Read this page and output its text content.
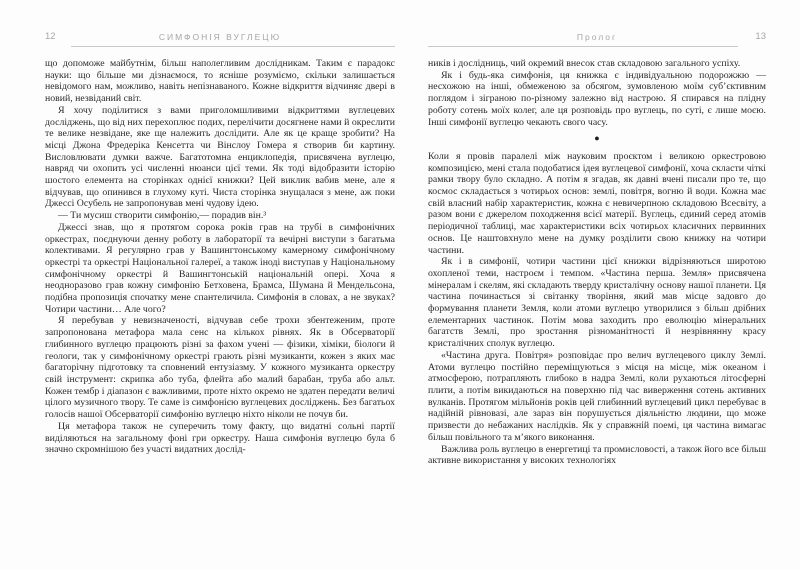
12	СИМФОНІЯ ВУГЛЕЦЮ

що допоможе майбутнім, більш наполегливим дослідникам. Таким є парадокс науки: що більше ми дізнаємося, то ясніше розуміємо, скільки залишається невідомого нам, можливо, навіть непізнаваного. Кожне відкриття відчиняє двері в новий, незвіданий світ.

Я хочу поділитися з вами приголомшливими відкриттями вуглецевих досліджень, що від них перехоплює подих, перелічити досягнене нами й окреслити те велике незвідане, яке ще належить дослідити. Але як це краще зробити? На місці Джона Фредеріка Кенсетта чи Вінслоу Гомера я створив би картину. Висловлювати думки важче. Багатотомна енциклопедія, присвячена вуглецю, навряд чи охопить усі численні нюанси цієї теми. Як тоді відобразити історію шостого елемента на сторінках однієї книжки? Цей виклик вабив мене, але я відчував, що опинився в глухому куті. Чиста сторінка знущалася з мене, аж поки Джессі Осубель не запропонував мені чудову ідею.

— Ти мусиш створити симфонію,— порадив він.³

Джессі знав, що я протягом сорока років грав на трубі в симфонічних оркестрах, поєднуючи денну роботу в лабораторії та вечірні виступи з багатьма колективами. Я регулярно грав у Вашингтонському камерному симфонічному оркестрі та оркестрі Національної галереї, а також іноді виступав у Національному симфонічному оркестрі й Вашингтонській національній опері. Хоча я неодноразово грав кожну симфонію Бетховена, Брамса, Шумана й Мендельсона, подібна пропозиція спочатку мене спантеличила. Симфонія в словах, а не звуках? Чотири частини… Але чого?

Я перебував у невизначеності, відчував себе трохи збентеженим, проте запропонована метафора мала сенс на кількох рівнях. Як в Обсерваторії глибинного вуглецю працюють різні за фахом учені — фізики, хіміки, біологи й геологи, так у симфонічному оркестрі грають різні музиканти, кожен з яких має багаторічну підготовку та сповнений ентузіазму. У кожного музиканта оркестру свій інструмент: скрипка або туба, флейта або малий барабан, труба або альт. Кожен тембр і діапазон є важливими, проте ніхто окремо не здатен передати величі цілого музичного твору. Те саме із симфонією вуглецевих досліджень. Без багатьох голосів нашої Обсерваторії симфонію вуглецю ніхто ніколи не почув би.

Ця метафора також не суперечить тому факту, що видатні сольні партії виділяються на загальному фоні гри оркестру. Наша симфонія вуглецю була б значно скромнішою без участі видатних дослід-

Пролог	13

ників і дослідниць, чий окремий внесок став складовою загального успіху.

Як і будь-яка симфонія, ця книжка є індивідуальною подорожжю — несхожою на інші, обмеженою за обсягом, зумовленою моїм суб’єктивним поглядом і зіграною по-різному залежно від настрою. Я спирався на плідну роботу сотень моїх колег, але ця розповідь про вуглець, по суті, є лише моєю. Інші симфонії вуглецю чекають свого часу.

●

Коли я провів паралелі між науковим проєктом і великою оркестровою композицією, мені стала подобатися ідея вуглецевої симфонії, хоча скласти чіткі рамки твору було складно. А потім я згадав, як давні вчені писали про те, що космос складається з чотирьох основ: землі, повітря, вогню й води. Кожна має свій власний набір характеристик, кожна є невичерпною складовою Всесвіту, а разом вони є джерелом походження всієї матерії. Вуглець, єдиний серед атомів періодичної таблиці, має характеристики всіх чотирьох класичних первинних основ. Це наштовхнуло мене на думку розділити свою книжку на чотири частини.

Як і в симфонії, чотири частини цієї книжки відрізняються широтою охопленої теми, настроєм і темпом. «Частина перша. Земля» присвячена мінералам і скелям, які складають тверду кристалічну основу нашої планети. Ця частина починається зі світанку творіння, який мав місце задовго до формування планети Земля, коли атоми вуглецю утворилися з більш дрібних елементарних частинок. Потім мова заходить про еволюцію мінеральних багатств Землі, про зростання різноманітності й незрівнянну красу кристалічних сполук вуглецю.

«Частина друга. Повітря» розповідає про велич вуглецевого циклу Землі. Атоми вуглецю постійно переміщуються з місця на місце, між океаном і атмосферою, потрапляють глибоко в надра Землі, коли рухаються літосферні плити, а потім викидаються на поверхню під час виверження сотень активних вулканів. Протягом мільйонів років цей глибинний вуглецевий цикл перебуває в надійній рівновазі, але зараз він порушується діяльністю людини, що може призвести до небажаних наслідків. Як у справжній поемі, ця частина вимагає більш повільного та м’якого виконання.

Важлива роль вуглецю в енергетиці та промисловості, а також його все більш активне використання у високих технологіях
